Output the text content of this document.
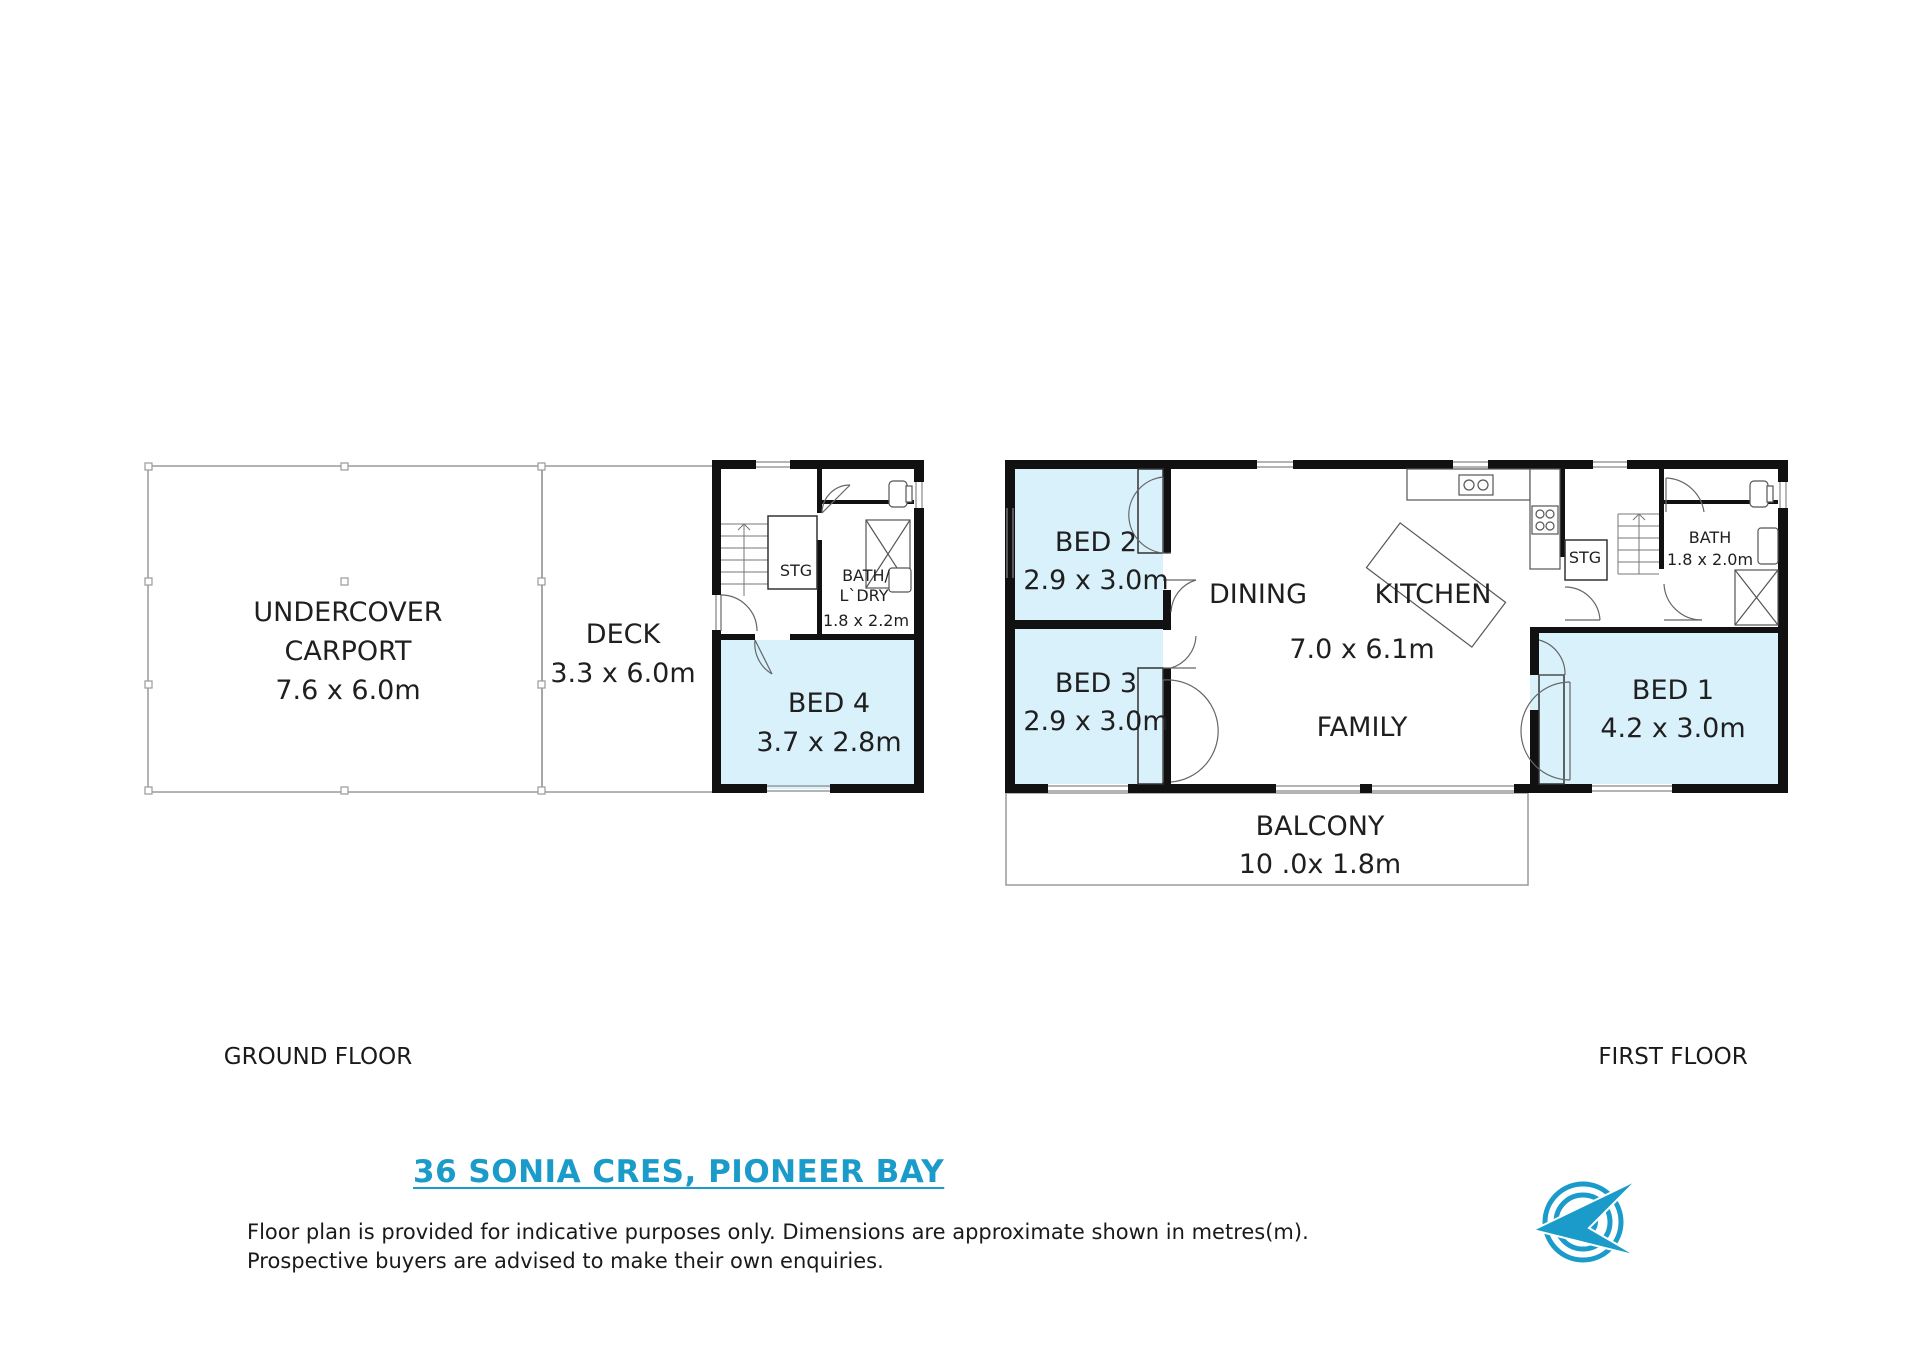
UNDERCOVER
CARPORT
7.6 x 6.0m
DECK
3.3 x 6.0m
STG BATH/
L`DRY
1.8 x 2.2m
BED 4
3.7 x 2.8m
BED 2
2.9 x 3.0m
BED 3
2.9 x 3.0m
DINING KITCHEN
7.0 x 6.1m
FAMILY
STG
BATH
1.8 x 2.0m
BED 1
4.2 x 3.0m
BALCONY
10 .0x 1.8m
GROUND FLOOR	FIRST FLOOR
36 SONIA CRES, PIONEER BAY
Floor plan is provided for indicative purposes only. Dimensions are approximate shown in metres(m).
Prospective buyers are advised to make their own enquiries.
